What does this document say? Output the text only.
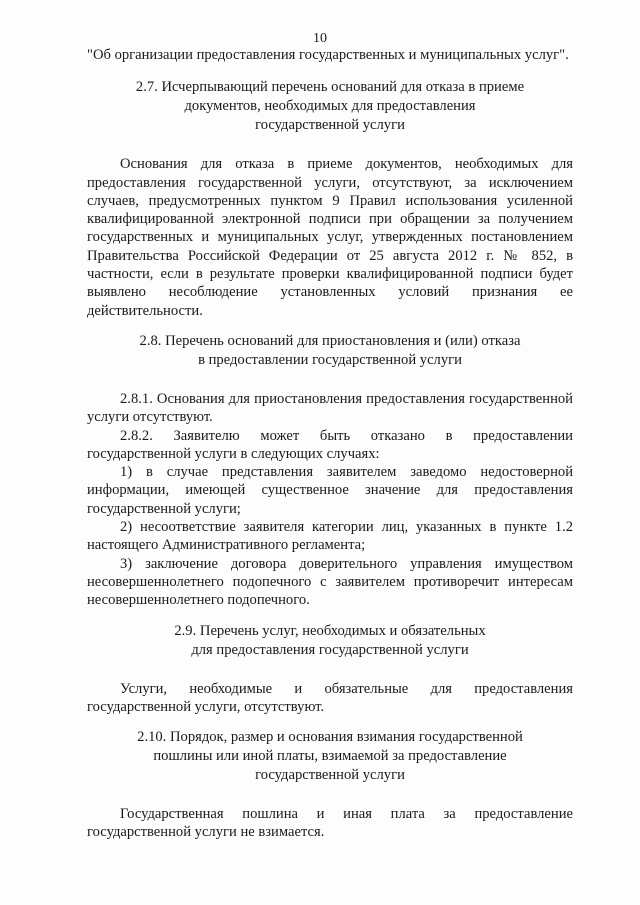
10

"Об организации предоставления государственных и муниципальных услуг".

2.7. Исчерпывающий перечень оснований для отказа в приеме
документов, необходимых для предоставления
государственной услуги

Основания для отказа в приеме документов, необходимых для предоставления государственной услуги, отсутствуют, за исключением случаев, предусмотренных пунктом 9 Правил использования усиленной квалифицированной электронной подписи при обращении за получением государственных и муниципальных услуг, утвержденных постановлением Правительства Российской Федерации от 25 августа 2012 г. № 852, в частности, если в результате проверки квалифицированной подписи будет выявлено несоблюдение установленных условий признания ее действительности.

2.8. Перечень оснований для приостановления и (или) отказа
в предоставлении государственной услуги

2.8.1. Основания для приостановления предоставления государственной услуги отсутствуют.

2.8.2. Заявителю может быть отказано в предоставлении государственной услуги в следующих случаях:

1) в случае представления заявителем заведомо недостоверной информации, имеющей существенное значение для предоставления государственной услуги;

2) несоответствие заявителя категории лиц, указанных в пункте 1.2 настоящего Административного регламента;

3) заключение договора доверительного управления имуществом несовершеннолетнего подопечного с заявителем противоречит интересам несовершеннолетнего подопечного.

2.9. Перечень услуг, необходимых и обязательных
для предоставления государственной услуги

Услуги, необходимые и обязательные для предоставления государственной услуги, отсутствуют.

2.10. Порядок, размер и основания взимания государственной
пошлины или иной платы, взимаемой за предоставление
государственной услуги

Государственная пошлина и иная плата за предоставление государственной услуги не взимается.
